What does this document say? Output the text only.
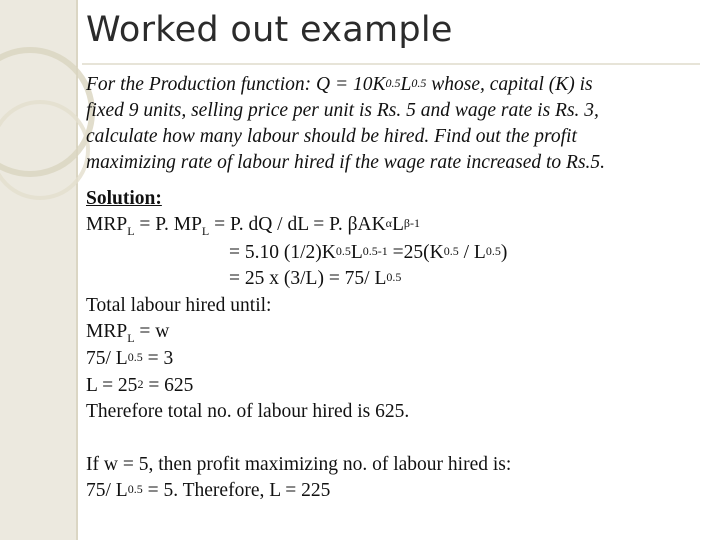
Worked out example
For the Production function: $Q = 10K^{0.5}L^{0.5}$ whose, capital (K) is
fixed 9 units, selling price per unit is Rs. 5 and wage rate is Rs. 3,
calculate how many labour should be hired. Find out the profit
maximizing rate of labour hired if the wage rate increased to Rs.5.
Solution:
$MRP_L = P$. $MP_L = P$. dQ / dL = P. $\beta AK^\alpha L^{\beta-1}$
= 5.10 $(1/2)K^{0.5}L^{0.5-1} =25(K^{0.5} / L^{0.5})$
= 25 x (3/L) = 75/ $L^{0.5}$
Total labour hired until:
$MRP_L = w$
75/ $L^{0.5} = 3$
$L = 25^2 = 625$
Therefore total no. of labour hired is 625.
If w = 5, then profit maximizing no. of labour hired is:
75/ $L^{0.5} = 5$. Therefore, L = 225
